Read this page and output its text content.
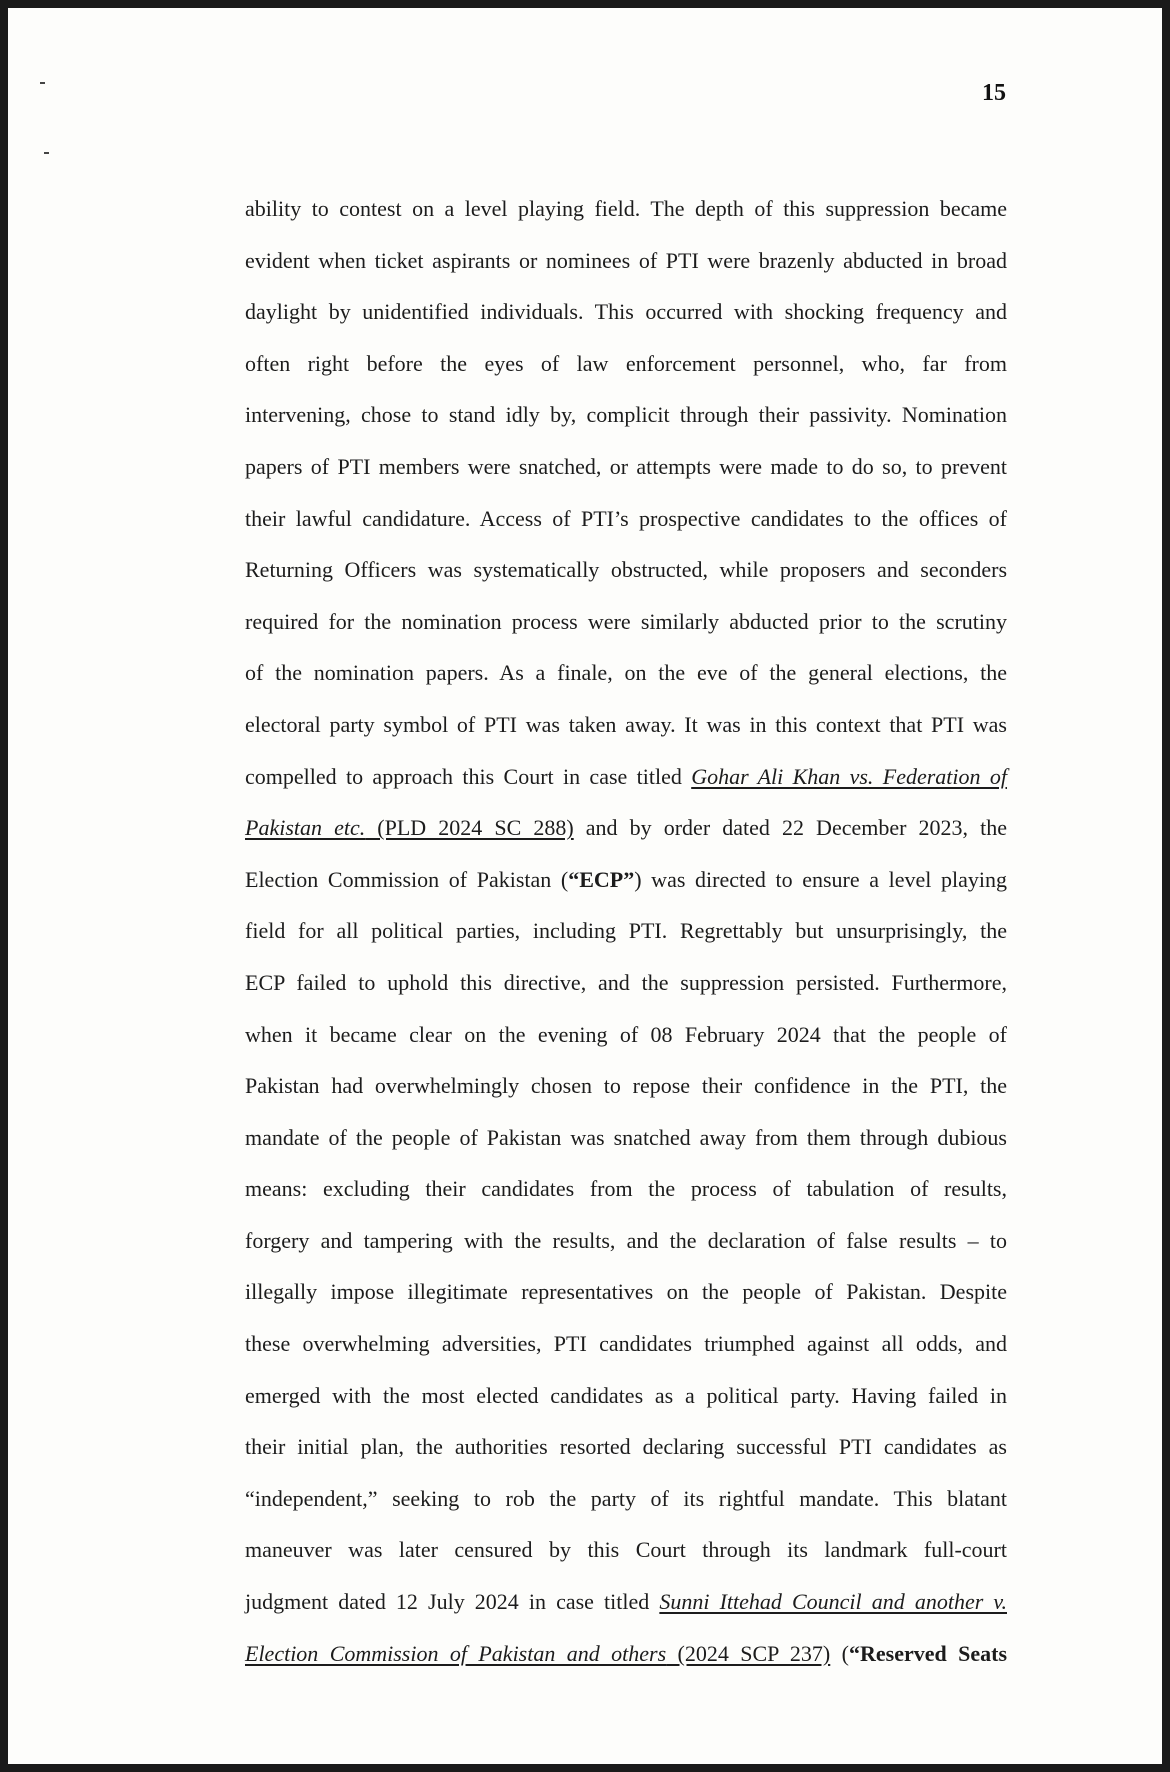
15
ability to contest on a level playing field. The depth of this suppression became
evident when ticket aspirants or nominees of PTI were brazenly abducted in broad
daylight by unidentified individuals. This occurred with shocking frequency and
often right before the eyes of law enforcement personnel, who, far from
intervening, chose to stand idly by, complicit through their passivity. Nomination
papers of PTI members were snatched, or attempts were made to do so, to prevent
their lawful candidature. Access of PTI’s prospective candidates to the offices of
Returning Officers was systematically obstructed, while proposers and seconders
required for the nomination process were similarly abducted prior to the scrutiny
of the nomination papers. As a finale, on the eve of the general elections, the
electoral party symbol of PTI was taken away. It was in this context that PTI was
compelled to approach this Court in case titled Gohar Ali Khan vs. Federation of
Pakistan etc. (PLD 2024 SC 288) and by order dated 22 December 2023, the
Election Commission of Pakistan (“ECP”) was directed to ensure a level playing
field for all political parties, including PTI. Regrettably but unsurprisingly, the
ECP failed to uphold this directive, and the suppression persisted. Furthermore,
when it became clear on the evening of 08 February 2024 that the people of
Pakistan had overwhelmingly chosen to repose their confidence in the PTI, the
mandate of the people of Pakistan was snatched away from them through dubious
means: excluding their candidates from the process of tabulation of results,
forgery and tampering with the results, and the declaration of false results – to
illegally impose illegitimate representatives on the people of Pakistan. Despite
these overwhelming adversities, PTI candidates triumphed against all odds, and
emerged with the most elected candidates as a political party. Having failed in
their initial plan, the authorities resorted declaring successful PTI candidates as
“independent,” seeking to rob the party of its rightful mandate. This blatant
maneuver was later censured by this Court through its landmark full-court
judgment dated 12 July 2024 in case titled Sunni Ittehad Council and another v.
Election Commission of Pakistan and others (2024 SCP 237) (“Reserved Seats
